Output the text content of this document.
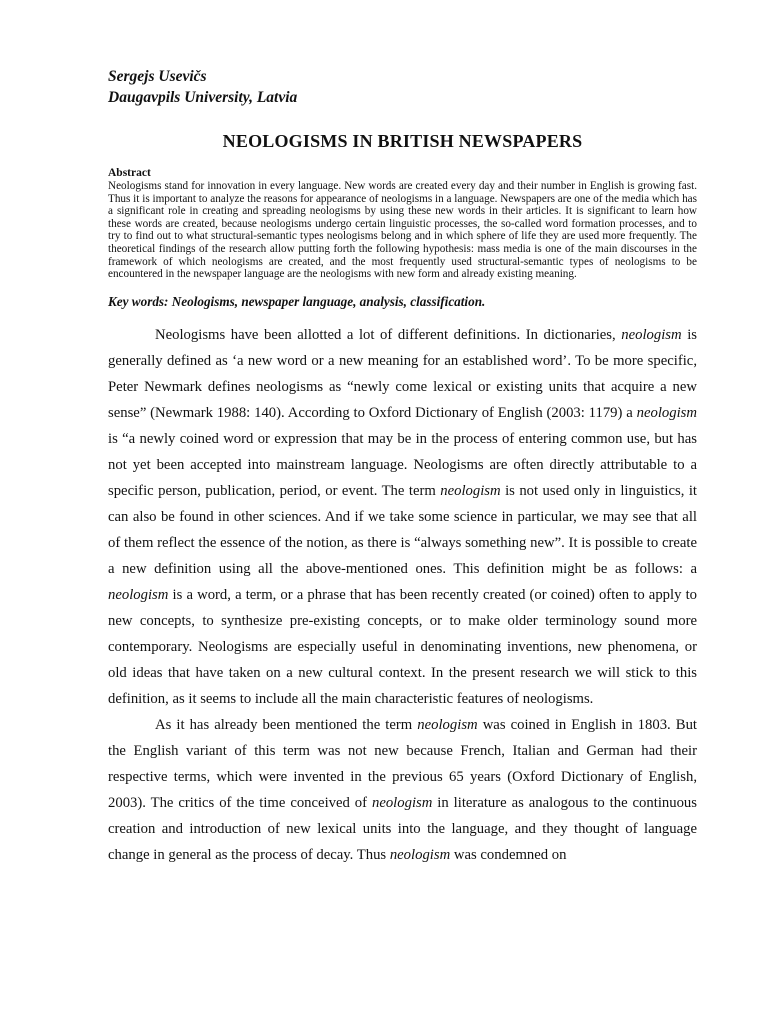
Sergejs Usevičs

Daugavpils University, Latvia

NEOLOGISMS IN BRITISH NEWSPAPERS

Abstract

Neologisms stand for innovation in every language. New words are created every day and their number in English is growing fast. Thus it is important to analyze the reasons for appearance of neologisms in a language. Newspapers are one of the media which has a significant role in creating and spreading neologisms by using these new words in their articles. It is significant to learn how these words are created, because neologisms undergo certain linguistic processes, the so-called word formation processes, and to try to find out to what structural-semantic types neologisms belong and in which sphere of life they are used more frequently. The theoretical findings of the research allow putting forth the following hypothesis: mass media is one of the main discourses in the framework of which neologisms are created, and the most frequently used structural-semantic types of neologisms to be encountered in the newspaper language are the neologisms with new form and already existing meaning.

Key words: Neologisms, newspaper language, analysis, classification.

Neologisms have been allotted a lot of different definitions. In dictionaries, neologism is generally defined as ‘a new word or a new meaning for an established word’. To be more specific, Peter Newmark defines neologisms as “newly come lexical or existing units that acquire a new sense” (Newmark 1988: 140). According to Oxford Dictionary of English (2003: 1179) a neologism is “a newly coined word or expression that may be in the process of entering common use, but has not yet been accepted into mainstream language. Neologisms are often directly attributable to a specific person, publication, period, or event. The term neologism is not used only in linguistics, it can also be found in other sciences. And if we take some science in particular, we may see that all of them reflect the essence of the notion, as there is “always something new”. It is possible to create a new definition using all the above-mentioned ones. This definition might be as follows: a neologism is a word, a term, or a phrase that has been recently created (or coined) often to apply to new concepts, to synthesize pre-existing concepts, or to make older terminology sound more contemporary. Neologisms are especially useful in denominating inventions, new phenomena, or old ideas that have taken on a new cultural context. In the present research we will stick to this definition, as it seems to include all the main characteristic features of neologisms.

As it has already been mentioned the term neologism was coined in English in 1803. But the English variant of this term was not new because French, Italian and German had their respective terms, which were invented in the previous 65 years (Oxford Dictionary of English, 2003). The critics of the time conceived of neologism in literature as analogous to the continuous creation and introduction of new lexical units into the language, and they thought of language change in general as the process of decay. Thus neologism was condemned on
